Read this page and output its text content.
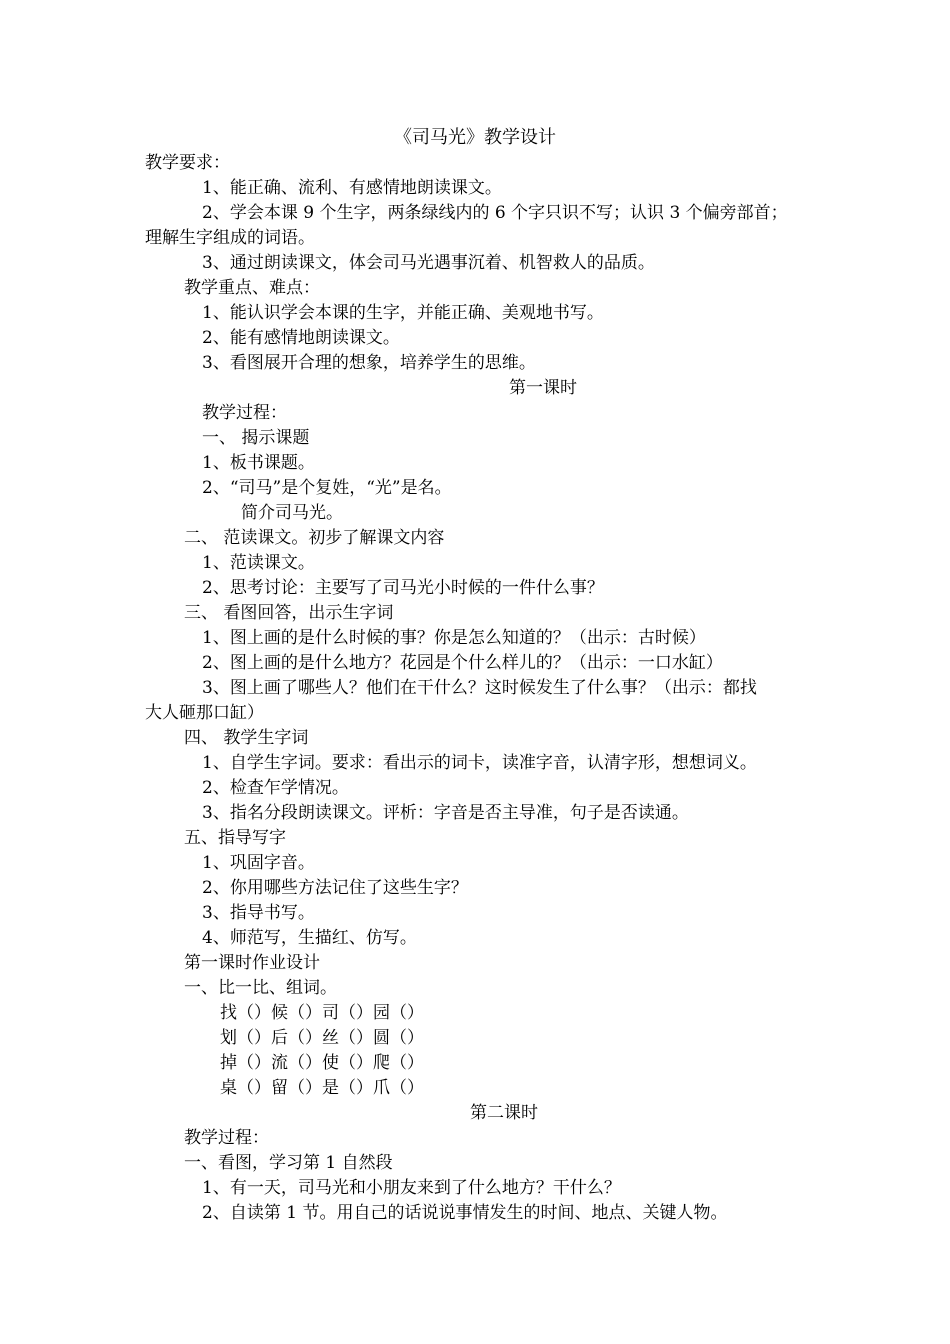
《司马光》教学设计
教学要求：
1、能正确、流利、有感情地朗读课文。
2、学会本课 9 个生字，两条绿线内的 6 个字只识不写；认识 3 个偏旁部首；
理解生字组成的词语。
3、通过朗读课文，体会司马光遇事沉着、机智救人的品质。
教学重点、难点：
1、能认识学会本课的生字，并能正确、美观地书写。
2、能有感情地朗读课文。
3、看图展开合理的想象，培养学生的思维。
第一课时
教学过程：
一、 揭示课题
1、板书课题。
2、“司马”是个复姓，“光”是名。
简介司马光。
二、 范读课文。初步了解课文内容
1、范读课文。
2、思考讨论：主要写了司马光小时候的一件什么事？
三、 看图回答，出示生字词
1、图上画的是什么时候的事？你是怎么知道的？（出示：古时候）
2、图上画的是什么地方？花园是个什么样儿的？（出示：一口水缸）
3、图上画了哪些人？他们在干什么？这时候发生了什么事？（出示：都找
大人砸那口缸）
四、 教学生字词
1、自学生字词。要求：看出示的词卡，读准字音，认清字形，想想词义。
2、检查乍学情况。
3、指名分段朗读课文。评析：字音是否主导准，句子是否读通。
五、指导写字
1、巩固字音。
2、你用哪些方法记住了这些生字？
3、指导书写。
4、师范写，生描红、仿写。
第一课时作业设计
一、比一比、组词。
找（）候（）司（）园（）
划（）后（）丝（）圆（）
掉（）流（）使（）爬（）
桌（）留（）是（）爪（）
第二课时
教学过程：
一、看图，学习第 1 自然段
1、有一天，司马光和小朋友来到了什么地方？干什么？
2、自读第 1 节。用自己的话说说事情发生的时间、地点、关键人物。
